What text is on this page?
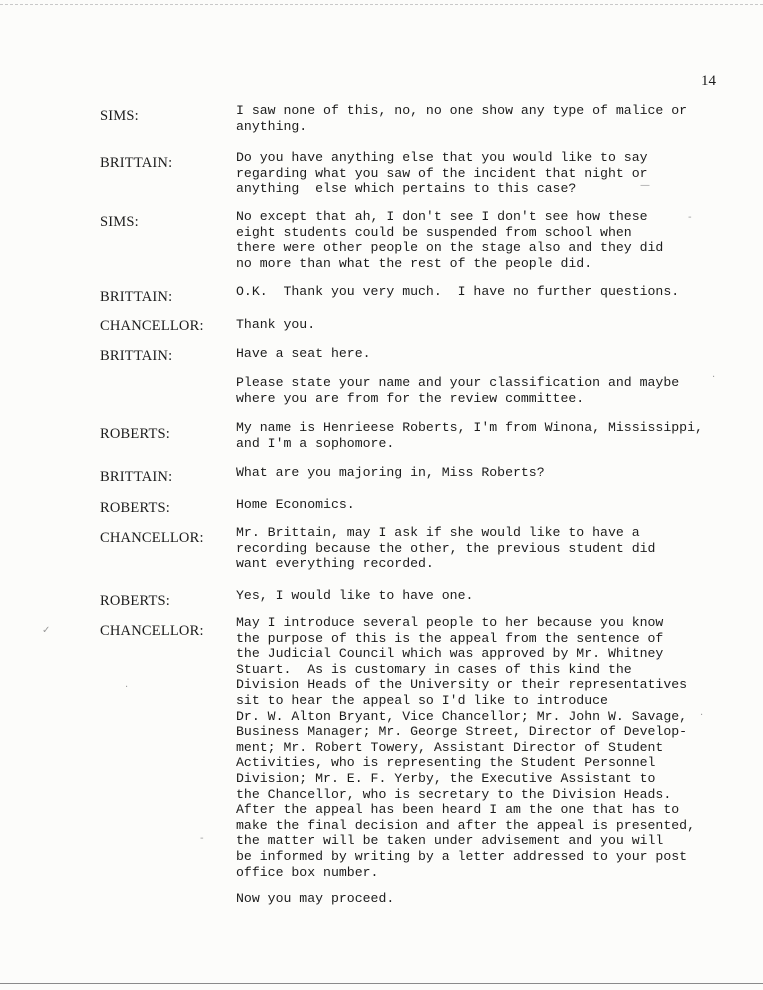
14
SIMS:	I saw none of this, no, no one show any type of malice or
anything.
BRITTAIN:	Do you have anything else that you would like to say
regarding what you saw of the incident that night or
anything  else which pertains to this case?
SIMS:	No except that ah, I don't see I don't see how these
eight students could be suspended from school when
there were other people on the stage also and they did
no more than what the rest of the people did.
BRITTAIN:	O.K.  Thank you very much.  I have no further questions.
CHANCELLOR:	Thank you.
BRITTAIN:	Have a seat here.
Please state your name and your classification and maybe
where you are from for the review committee.
ROBERTS:	My name is Henrieese Roberts, I'm from Winona, Mississippi,
and I'm a sophomore.
BRITTAIN:	What are you majoring in, Miss Roberts?
ROBERTS:	Home Economics.
CHANCELLOR:	Mr. Brittain, may I ask if she would like to have a
recording because the other, the previous student did
want everything recorded.
ROBERTS:	Yes, I would like to have one.
CHANCELLOR:
May I introduce several people to her because you know
the purpose of this is the appeal from the sentence of
the Judicial Council which was approved by Mr. Whitney
Stuart.  As is customary in cases of this kind the
Division Heads of the University or their representatives
sit to hear the appeal so I'd like to introduce
Dr. W. Alton Bryant, Vice Chancellor; Mr. John W. Savage,
Business Manager; Mr. George Street, Director of Develop-
ment; Mr. Robert Towery, Assistant Director of Student
Activities, who is representing the Student Personnel
Division; Mr. E. F. Yerby, the Executive Assistant to
the Chancellor, who is secretary to the Division Heads.
After the appeal has been heard I am the one that has to
make the final decision and after the appeal is presented,
the matter will be taken under advisement and you will
be informed by writing by a letter addressed to your post
office box number.
Now you may proceed.
✓
·
—
-
·
·
-
